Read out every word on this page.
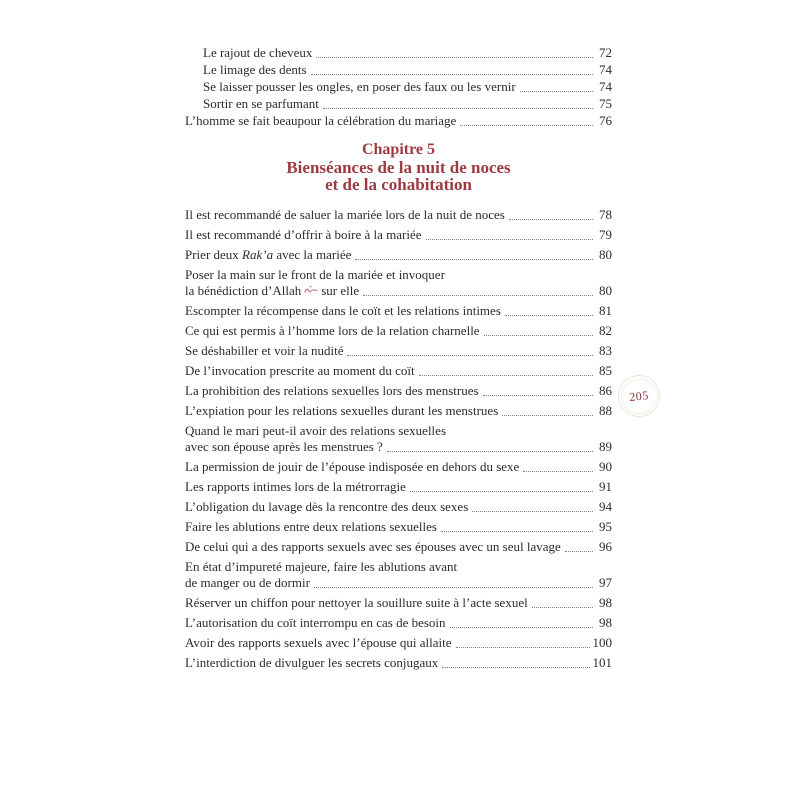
Le rajout de cheveux	72
Le limage des dents	74
Se laisser pousser les ongles, en poser des faux ou les vernir	74
Sortir en se parfumant	75
L’homme se fait beaupour la célébration du mariage	76
Chapitre 5
Bienséances de la nuit de noces
et de la cohabitation
Il est recommandé de saluer la mariée lors de la nuit de noces	78
Il est recommandé d’offrir à boire à la mariée	79
Prier deux Rak’a avec la mariée	80
Poser la main sur le front de la mariée et invoquer
la bénédiction d’Allah sur elle	80
Escompter la récompense dans le coït et les relations intimes	81
Ce qui est permis à l’homme lors de la relation charnelle	82
Se déshabiller et voir la nudité	83
De l’invocation prescrite au moment du coït	85
La prohibition des relations sexuelles lors des menstrues	86
L’expiation pour les relations sexuelles durant les menstrues	88
Quand le mari peut-il avoir des relations sexuelles
avec son épouse après les menstrues ?	89
La permission de jouir de l’épouse indisposée en dehors du sexe	90
Les rapports intimes lors de la métrorragie	91
L’obligation du lavage dès la rencontre des deux sexes	94
Faire les ablutions entre deux relations sexuelles	95
De celui qui a des rapports sexuels avec ses épouses avec un seul lavage	96
En état d’impureté majeure, faire les ablutions avant
de manger ou de dormir	97
Réserver un chiffon pour nettoyer la souillure suite à l’acte sexuel	98
L’autorisation du coït interrompu en cas de besoin	98
Avoir des rapports sexuels avec l’épouse qui allaite	100
L’interdiction de divulguer les secrets conjugaux	101
205
